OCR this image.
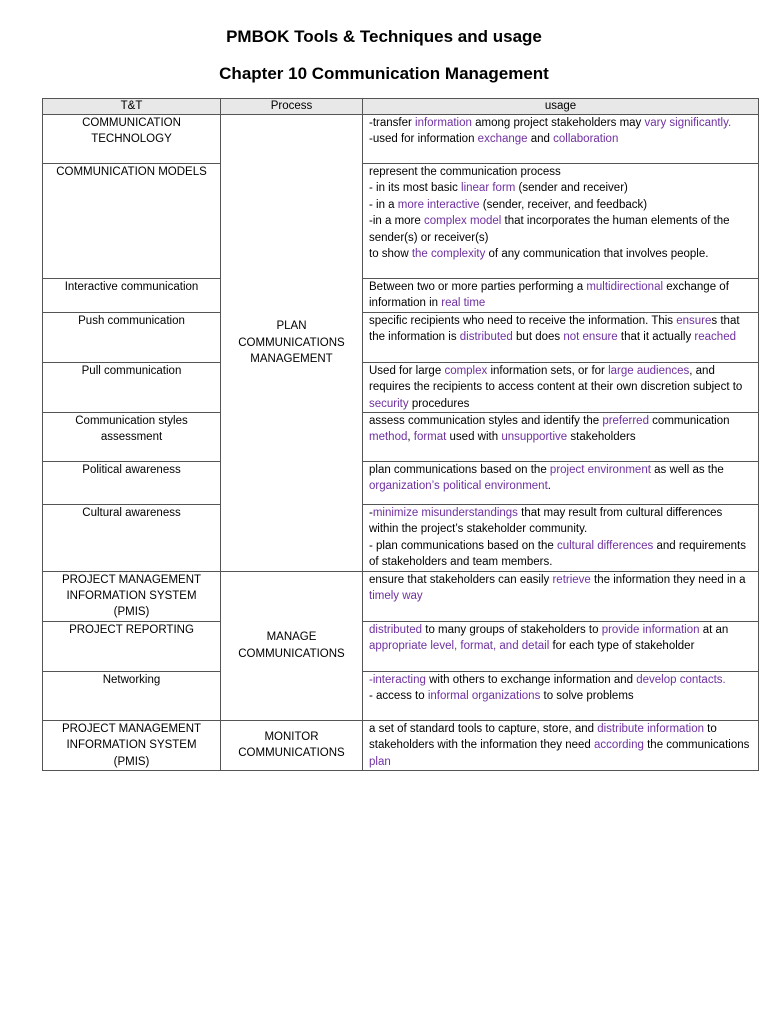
PMBOK Tools & Techniques and usage
Chapter 10 Communication Management
T&T	Process	usage
COMMUNICATION TECHNOLOGY	PLAN COMMUNICATIONS MANAGEMENT	-transfer information among project stakeholders may vary significantly.
-used for information exchange and collaboration

COMMUNICATION MODELS		represent the communication process
- in its most basic linear form (sender and receiver)
- in a more interactive (sender, receiver, and feedback)
-in a more complex model that incorporates the human elements of the sender(s) or receiver(s)
to show the complexity of any communication that involves people.

Interactive communication		Between two or more parties performing a multidirectional exchange of information in real time

Push communication		specific recipients who need to receive the information. This ensures that the information is distributed but does not ensure that it actually reached

Pull communication		Used for large complex information sets, or for large audiences, and requires the recipients to access content at their own discretion subject to security procedures

Communication styles assessment		assess communication styles and identify the preferred communication method, format used with unsupportive stakeholders

Political awareness		plan communications based on the project environment as well as the organization’s political environment.

Cultural awareness		-minimize misunderstandings that may result from cultural differences within the project’s stakeholder community.
- plan communications based on the cultural differences and requirements of stakeholders and team members.

PROJECT MANAGEMENT INFORMATION SYSTEM (PMIS)	MANAGE COMMUNICATIONS	ensure that stakeholders can easily retrieve the information they need in a timely way

PROJECT REPORTING		distributed to many groups of stakeholders to provide information at an appropriate level, format, and detail for each type of stakeholder

Networking		-interacting with others to exchange information and develop contacts.
- access to informal organizations to solve problems

PROJECT MANAGEMENT INFORMATION SYSTEM (PMIS)	MONITOR COMMUNICATIONS	a set of standard tools to capture, store, and distribute information to stakeholders with the information they need according the communications plan
